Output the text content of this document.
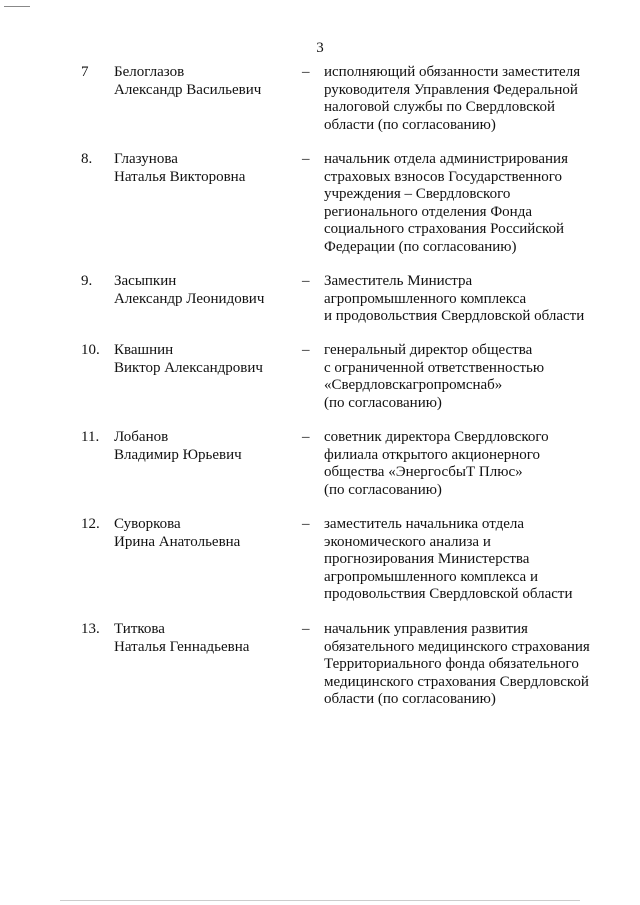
3
7 Белоглазов
Александр Васильевич
– исполняющий обязанности заместителя
руководителя Управления Федеральной
налоговой службы по Свердловской
области (по согласованию)
8. Глазунова
Наталья Викторовна
– начальник отдела администрирования
страховых взносов Государственного
учреждения – Свердловского
регионального отделения Фонда
социального страхования Российской
Федерации (по согласованию)
9. Засыпкин
Александр Леонидович
– Заместитель Министра
агропромышленного комплекса
и продовольствия Свердловской области
10. Квашнин
Виктор Александрович
– генеральный директор общества
с ограниченной ответственностью
«Свердловскагропромснаб»
(по согласованию)
11. Лобанов
Владимир Юрьевич
– советник директора Свердловского
филиала открытого акционерного
общества «ЭнергосбыТ Плюс»
(по согласованию)
12. Суворкова
Ирина Анатольевна
– заместитель начальника отдела
экономического анализа и
прогнозирования Министерства
агропромышленного комплекса и
продовольствия Свердловской области
13. Титкова
Наталья Геннадьевна
– начальник управления развития
обязательного медицинского страхования
Территориального фонда обязательного
медицинского страхования Свердловской
области (по согласованию)
